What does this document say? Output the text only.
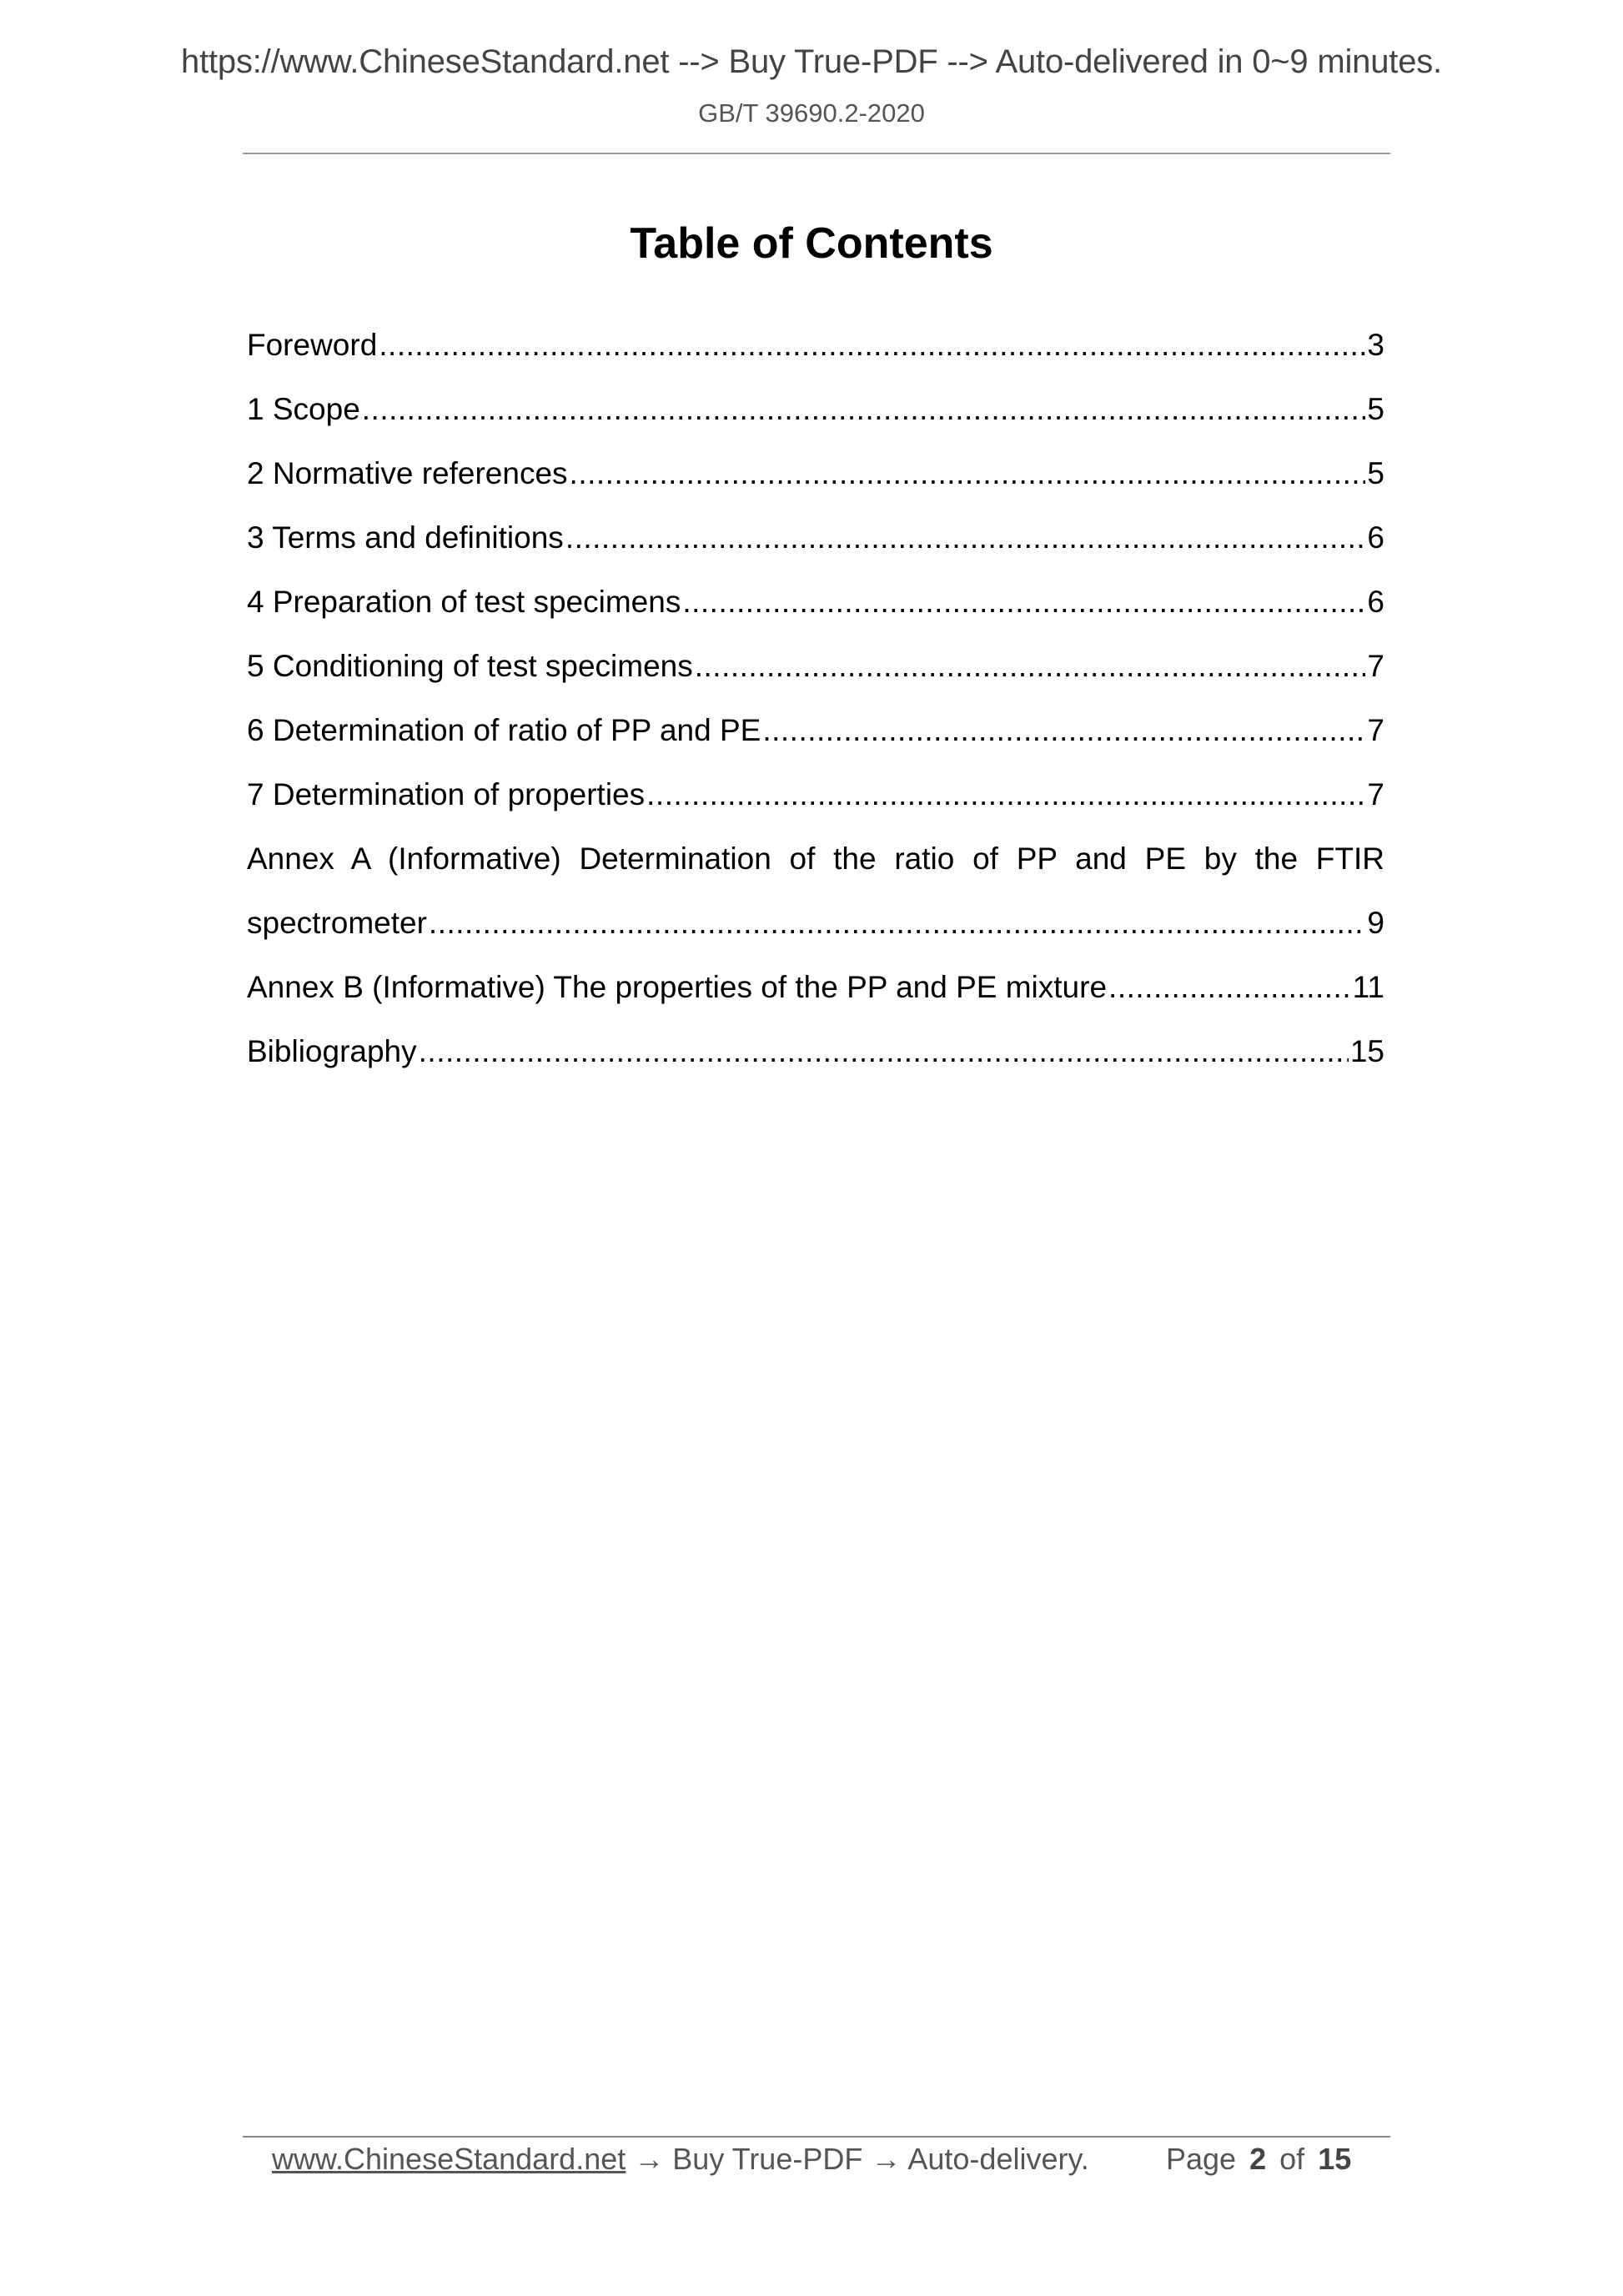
https://www.ChineseStandard.net --> Buy True-PDF --> Auto-delivered in 0~9 minutes.
GB/T 39690.2-2020
Table of Contents
Foreword .....	3
1 Scope .....	5
2 Normative references .....	5
3 Terms and definitions .....	6
4 Preparation of test specimens .....	6
5 Conditioning of test specimens .....	7
6 Determination of ratio of PP and PE .....	7
7 Determination of properties .....	7
Annex A (Informative) Determination of the ratio of PP and PE by the FTIR
spectrometer .....	9
Annex B (Informative) The properties of the PP and PE mixture .....	11
Bibliography .....	15
www.ChineseStandard.net → Buy True-PDF → Auto-delivery.	Page 2 of 15
